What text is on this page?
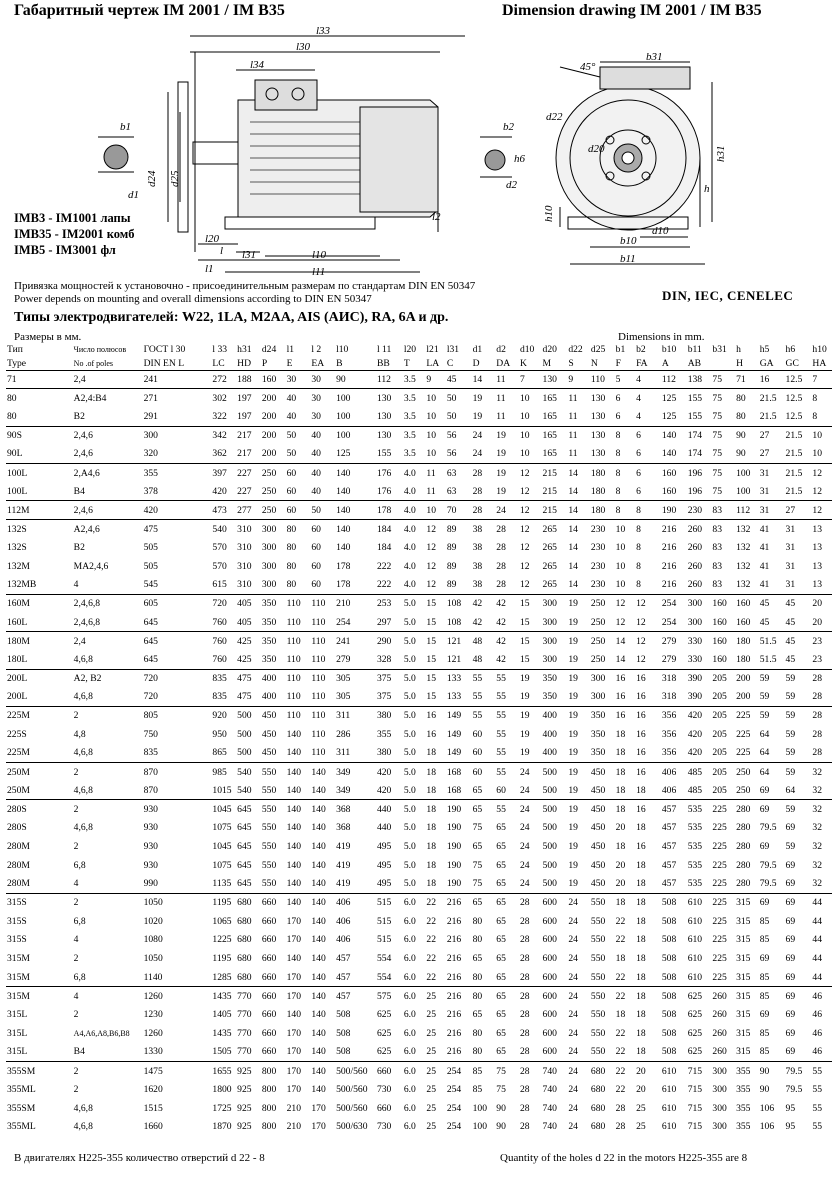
Габаритный чертеж IM 2001 / IM B35	Dimension drawing IM 2001 / IM B35
l33
l30
l34
b1
d24 d25
d1
l20
l31
l
l1
l10
l11
l2
b2
h6
d2
45°
b31
d22
d20	h31
h
h10
b10
d10
b11
IMB3 - IM1001 лапы
IMB35 - IM2001 комб
IMB5 - IM3001 фл
Привязка мощностей к установочно - присоединительным размерам по стандартам DIN EN 50347
Power depends on mounting and overall dimensions according to DIN EN 50347	DIN, IEC, CENELEC
Типы электродвигателей: W22, 1LA, M2AA, AIS (АИС), RA, 6A и др.
Размеры в мм.	Dimensions in mm.
Тип	Число полюсов	ГОСТ l 30	l 33	h31	d24	l1	l 2	l10	l 11	l20	l21	l31	d1	d2	d10	d20	d22	d25	b1	b2	b10	b11	b31	h	h5	h6	h10
Type	No .of poles	DIN EN L	LC	HD	P	E	EA	B	BB	T	LA	C	D	DA	K	M	S	N	F	FA	A	AB		H	GA	GC	HA
71	2,4	241	272	188	160	30	30	90	112	3.5	9	45	14	11	7	130	9	110	5	4	112	138	75	71	16	12.5	7
80	A2,4:B4	271	302	197	200	40	30	100	130	3.5	10	50	19	11	10	165	11	130	6	4	125	155	75	80	21.5	12.5	8
80	B2	291	322	197	200	40	30	100	130	3.5	10	50	19	11	10	165	11	130	6	4	125	155	75	80	21.5	12.5	8
90S	2,4,6	300	342	217	200	50	40	100	130	3.5	10	56	24	19	10	165	11	130	8	6	140	174	75	90	27	21.5	10
90L	2,4,6	320	362	217	200	50	40	125	155	3.5	10	56	24	19	10	165	11	130	8	6	140	174	75	90	27	21.5	10
100L	2,A4,6	355	397	227	250	60	40	140	176	4.0	11	63	28	19	12	215	14	180	8	6	160	196	75	100	31	21.5	12
100L	B4	378	420	227	250	60	40	140	176	4.0	11	63	28	19	12	215	14	180	8	6	160	196	75	100	31	21.5	12
112M	2,4,6	420	473	277	250	60	50	140	178	4.0	10	70	28	24	12	215	14	180	8	8	190	230	83	112	31	27	12
132S	A2,4,6	475	540	310	300	80	60	140	184	4.0	12	89	38	28	12	265	14	230	10	8	216	260	83	132	41	31	13
132S	B2	505	570	310	300	80	60	140	184	4.0	12	89	38	28	12	265	14	230	10	8	216	260	83	132	41	31	13
132M	MA2,4,6	505	570	310	300	80	60	178	222	4.0	12	89	38	28	12	265	14	230	10	8	216	260	83	132	41	31	13
132MB	4	545	615	310	300	80	60	178	222	4.0	12	89	38	28	12	265	14	230	10	8	216	260	83	132	41	31	13
160M	2,4,6,8	605	720	405	350	110	110	210	253	5.0	15	108	42	42	15	300	19	250	12	12	254	300	160	160	45	45	20
160L	2,4,6,8	645	760	405	350	110	110	254	297	5.0	15	108	42	42	15	300	19	250	12	12	254	300	160	160	45	45	20
180M	2,4	645	760	425	350	110	110	241	290	5.0	15	121	48	42	15	300	19	250	14	12	279	330	160	180	51.5	45	23
180L	4,6,8	645	760	425	350	110	110	279	328	5.0	15	121	48	42	15	300	19	250	14	12	279	330	160	180	51.5	45	23
200L	A2, B2	720	835	475	400	110	110	305	375	5.0	15	133	55	55	19	350	19	300	16	16	318	390	205	200	59	59	28
200L	4,6,8	720	835	475	400	110	110	305	375	5.0	15	133	55	55	19	350	19	300	16	16	318	390	205	200	59	59	28
225M	2	805	920	500	450	110	110	311	380	5.0	16	149	55	55	19	400	19	350	16	16	356	420	205	225	59	59	28
225S	4,8	750	950	500	450	140	110	286	355	5.0	16	149	60	55	19	400	19	350	18	16	356	420	205	225	64	59	28
225M	4,6,8	835	865	500	450	140	110	311	380	5.0	18	149	60	55	19	400	19	350	18	16	356	420	205	225	64	59	28
250M	2	870	985	540	550	140	140	349	420	5.0	18	168	60	55	24	500	19	450	18	16	406	485	205	250	64	59	32
250M	4,6,8	870	1015	540	550	140	140	349	420	5.0	18	168	65	60	24	500	19	450	18	18	406	485	205	250	69	64	32
280S	2	930	1045	645	550	140	140	368	440	5.0	18	190	65	55	24	500	19	450	18	16	457	535	225	280	69	59	32
280S	4,6,8	930	1075	645	550	140	140	368	440	5.0	18	190	75	65	24	500	19	450	20	18	457	535	225	280	79.5	69	32
280M	2	930	1045	645	550	140	140	419	495	5.0	18	190	65	65	24	500	19	450	18	16	457	535	225	280	69	59	32
280M	6,8	930	1075	645	550	140	140	419	495	5.0	18	190	75	65	24	500	19	450	20	18	457	535	225	280	79.5	69	32
280M	4	990	1135	645	550	140	140	419	495	5.0	18	190	75	65	24	500	19	450	20	18	457	535	225	280	79.5	69	32
315S	2	1050	1195	680	660	140	140	406	515	6.0	22	216	65	65	28	600	24	550	18	18	508	610	225	315	69	69	44
315S	6,8	1020	1065	680	660	170	140	406	515	6.0	22	216	80	65	28	600	24	550	22	18	508	610	225	315	85	69	44
315S	4	1080	1225	680	660	170	140	406	515	6.0	22	216	80	65	28	600	24	550	22	18	508	610	225	315	85	69	44
315M	2	1050	1195	680	660	140	140	457	554	6.0	22	216	65	65	28	600	24	550	18	18	508	610	225	315	69	69	44
315M	6,8	1140	1285	680	660	170	140	457	554	6.0	22	216	80	65	28	600	24	550	22	18	508	610	225	315	85	69	44
315M	4	1260	1435	770	660	170	140	457	575	6.0	25	216	80	65	28	600	24	550	22	18	508	625	260	315	85	69	46
315L	2	1230	1405	770	660	140	140	508	625	6.0	25	216	65	65	28	600	24	550	18	18	508	625	260	315	69	69	46
315L	A4,A6,A8,B6,B8	1260	1435	770	660	170	140	508	625	6.0	25	216	80	65	28	600	24	550	22	18	508	625	260	315	85	69	46
315L	B4	1330	1505	770	660	170	140	508	625	6.0	25	216	80	65	28	600	24	550	22	18	508	625	260	315	85	69	46
355SM	2	1475	1655	925	800	170	140	500/560	660	6.0	25	254	85	75	28	740	24	680	22	20	610	715	300	355	90	79.5	55
355ML	2	1620	1800	925	800	170	140	500/560	730	6.0	25	254	85	75	28	740	24	680	22	20	610	715	300	355	90	79.5	55
355SM	4,6,8	1515	1725	925	800	210	170	500/560	660	6.0	25	254	100	90	28	740	24	680	28	25	610	715	300	355	106	95	55
355ML	4,6,8	1660	1870	925	800	210	170	500/630	730	6.0	25	254	100	90	28	740	24	680	28	25	610	715	300	355	106	95	55
В двигателях H225-355 количество отверстий d 22 - 8	Quantity of the holes d 22 in the motors H225-355 are 8
